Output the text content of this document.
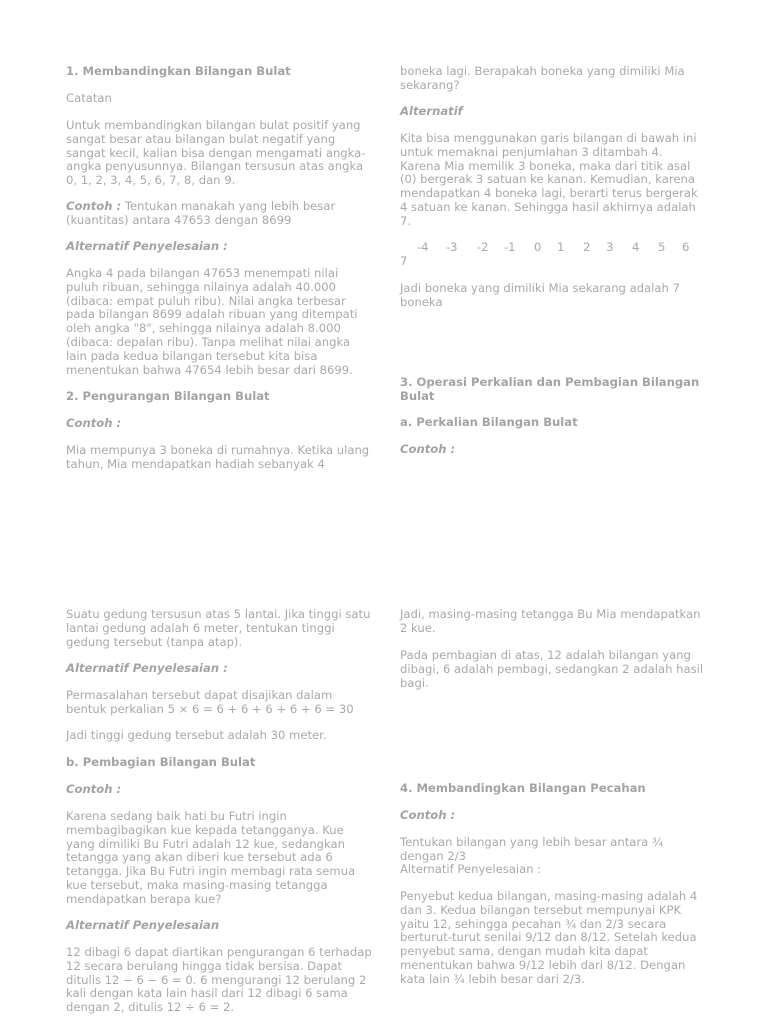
1. Membandingkan Bilangan Bulat

Catatan

Untuk membandingkan bilangan bulat positif yang sangat besar atau bilangan bulat negatif yang sangat kecil, kalian bisa dengan mengamati angka-angka penyusunnya. Bilangan tersusun atas angka 0, 1, 2, 3, 4, 5, 6, 7, 8, dan 9.

Contoh : Tentukan manakah yang lebih besar (kuantitas) antara 47653 dengan 8699

Alternatif Penyelesaian :

Angka 4 pada bilangan 47653 menempati nilai puluh ribuan, sehingga nilainya adalah 40.000 (dibaca: empat puluh ribu). Nilai angka terbesar pada bilangan 8699 adalah ribuan yang ditempati oleh angka "8", sehingga nilainya adalah 8.000 (dibaca: depalan ribu). Tanpa melihat nilai angka lain pada kedua bilangan tersebut kita bisa menentukan bahwa 47654 lebih besar dari 8699.

2. Pengurangan Bilangan Bulat

Contoh :

Mia mempunya 3 boneka di rumahnya. Ketika ulang tahun, Mia mendapatkan hadiah sebanyak 4

boneka lagi. Berapakah boneka yang dimiliki Mia sekarang?

Alternatif

Kita bisa menggunakan garis bilangan di bawah ini untuk memaknai penjumlahan 3 ditambah 4. Karena Mia memilik 3 boneka, maka dari titik asal (0) bergerak 3 satuan ke kanan. Kemudian, karena mendapatkan 4 boneka lagi, berarti terus bergerak 4 satuan ke kanan. Sehingga hasil akhirnya adalah 7.

-4 -3 -2 -1 0 1 2 3 4 5 6
7

Jadi boneka yang dimiliki Mia sekarang adalah 7 boneka

3. Operasi Perkalian dan Pembagian Bilangan Bulat

a. Perkalian Bilangan Bulat

Contoh :

Suatu gedung tersusun atas 5 lantai. Jika tinggi satu lantai gedung adalah 6 meter, tentukan tinggi gedung tersebut (tanpa atap).

Alternatif Penyelesaian :

Permasalahan tersebut dapat disajikan dalam bentuk perkalian 5 × 6 = 6 + 6 + 6 + 6 + 6 = 30

Jadi tinggi gedung tersebut adalah 30 meter.

b. Pembagian Bilangan Bulat

Contoh :

Karena sedang baik hati bu Futri ingin membagibagikan kue kepada tetangganya. Kue yang dimiliki Bu Futri adalah 12 kue, sedangkan tetangga yang akan diberi kue tersebut ada 6 tetangga. Jika Bu Futri ingin membagi rata semua kue tersebut, maka masing-masing tetangga mendapatkan berapa kue?

Alternatif Penyelesaian

12 dibagi 6 dapat diartikan pengurangan 6 terhadap 12 secara berulang hingga tidak bersisa. Dapat ditulis 12 − 6 − 6 = 0. 6 mengurangi 12 berulang 2 kali dengan kata lain hasil dari 12 dibagi 6 sama dengan 2, ditulis 12 ÷ 6 = 2.

Jadi, masing-masing tetangga Bu Mia mendapatkan 2 kue.

Pada pembagian di atas, 12 adalah bilangan yang dibagi, 6 adalah pembagi, sedangkan 2 adalah hasil bagi.

4. Membandingkan Bilangan Pecahan

Contoh :

Tentukan bilangan yang lebih besar antara ¾ dengan 2/3

Alternatif Penyelesaian :

Penyebut kedua bilangan, masing-masing adalah 4 dan 3. Kedua bilangan tersebut mempunyai KPK yaitu 12, sehingga pecahan ¾ dan 2/3 secara berturut-turut senilai 9/12 dan 8/12. Setelah kedua penyebut sama, dengan mudah kita dapat menentukan bahwa 9/12 lebih dari 8/12. Dengan kata lain ¾ lebih besar dari 2/3.
